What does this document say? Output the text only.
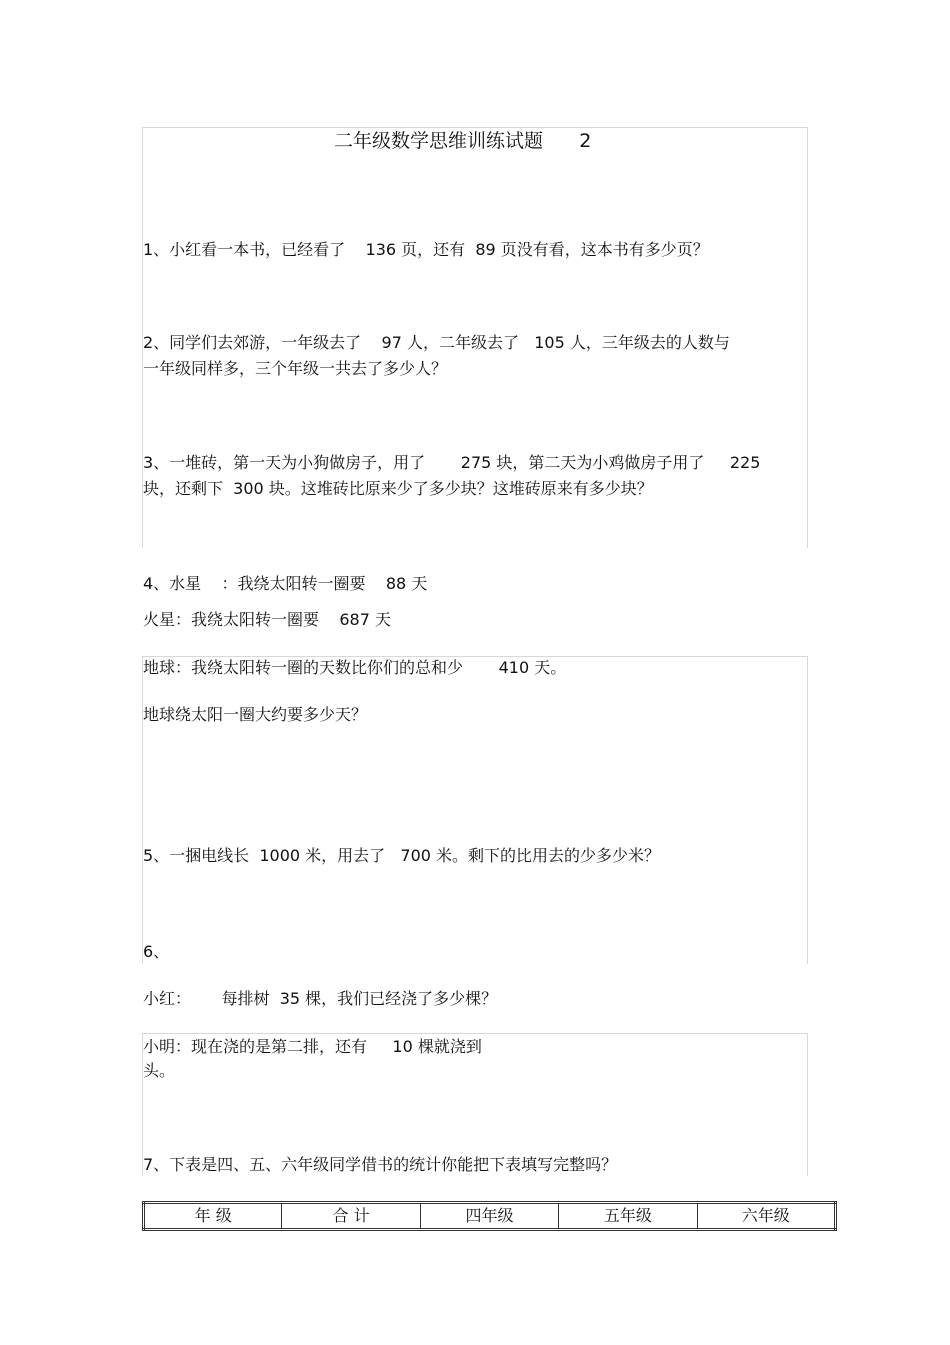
二年级数学思维训练试题      2
1、小红看一本书，已经看了    136 页，还有  89 页没有看，这本书有多少页？
2、同学们去郊游，一年级去了    97 人，二年级去了   105 人，三年级去的人数与
一年级同样多，三个年级一共去了多少人？
3、一堆砖，第一天为小狗做房子，用了       275 块，第二天为小鸡做房子用了     225
块，还剩下  300 块。这堆砖比原来少了多少块？这堆砖原来有多少块？
4、水星    ：我绕太阳转一圈要    88 天
火星：我绕太阳转一圈要    687 天
地球：我绕太阳转一圈的天数比你们的总和少       410 天。
地球绕太阳一圈大约要多少天？
5、一捆电线长  1000 米，用去了   700 米。剩下的比用去的少多少米？
6、
小红：      每排树  35 棵，我们已经浇了多少棵？
小明：现在浇的是第二排，还有     10 棵就浇到
头。
7、下表是四、五、六年级同学借书的统计你能把下表填写完整吗？
年 级	合 计	四年级	五年级	六年级
